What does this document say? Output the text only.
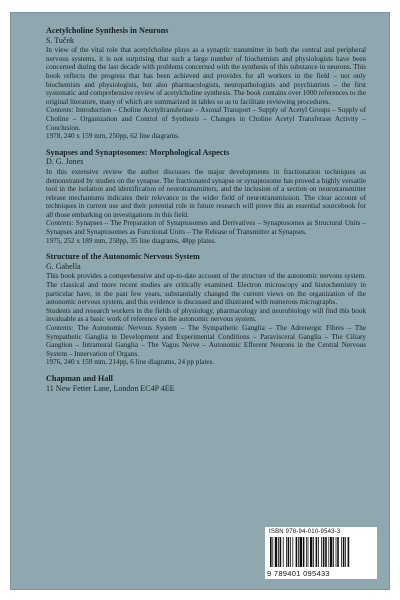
Acetylcholine Synthesis in Neurons

S. Tuček

In view of the vital role that acetylcholine plays as a synaptic transmitter in both the central and peripheral nervous systems, it is not surprising that such a large number of biochemists and physiologists have been concerned during the last decade with problems concerned with the synthesis of this substance in neurons. This book reflects the progress that has been achieved and provides for all workers in the field – not only biochemists and physiologists, but also pharmacologists, neuropathologists and psychiatrists – the first systematic and comprehensive review of acetylcholine synthesis. The book contains over 1000 references to the original literature, many of which are summarized in tables so as to facilitate reviewing procedures.

Contents: Introduction – Choline Acetyltransferase – Axonal Transport – Supply of Acetyl Groups – Supply of Choline – Organization and Control of Synthesis – Changes in Choline Acetyl Transferase Activity – Conclusion.

1978, 240 x 159 mm, 250pp, 62 line diagrams.

Synapses and Synaptosomes: Morphological Aspects

D. G. Jones

In this extensive review the author discusses the major developments in fractionation techniques as demonstrated by studies on the synapse. The fractionated synapse or synaptosome has proved a highly versatile tool in the isolation and identification of neurotransmitters, and the inclusion of a section on neurotransmitter release mechanisms indicates their relevance to the wider field of neurotransmission. The clear account of techniques in current use and their potential role in future research will prove this an essential sourcebook for all those embarking on investigations in this field.

Contents: Synapses – The Preparation of Synaptosomes and Derivatives – Synaptosomes as Structural Units – Synapses and Synaptosomes as Functional Units – The Release of Transmitter at Synapses.

1975, 252 x 189 mm, 258pp, 35 line diagrams, 48pp plates.

Structure of the Autonomic Nervous System

G. Gabella

This book provides a comprehensive and up-to-date account of the structure of the autonomic nervous system. The classical and more recent studies are critically examined. Electron microscopy and histochemistry in particular have, in the past few years, substantially changed the current views on the organization of the autonomic nervous system, and this evidence is discussed and illustrated with numerous micrographs.

Students and research workers in the fields of physiology, pharmacology and neurobiology will find this book invaluable as a basic work of reference on the autonomic nervous system.

Contents: The Autonomic Nervous System – The Sympathetic Ganglia – The Adrenergic Fibres – The Sympathetic Ganglia in Development and Experimental Conditions – Paravisceral Ganglia – The Ciliary Ganglion – Intramural Ganglia – The Vagus Nerve – Autonomic Efferent Neurons in the Central Nervous System – Innervation of Organs.

1976, 240 x 159 mm, 214pp, 6 line diagrams, 24 pp plates.

Chapman and Hall

11 New Fetter Lane, London EC4P 4EE

ISBN 978-94-010-9543-3
9 789401 095433
